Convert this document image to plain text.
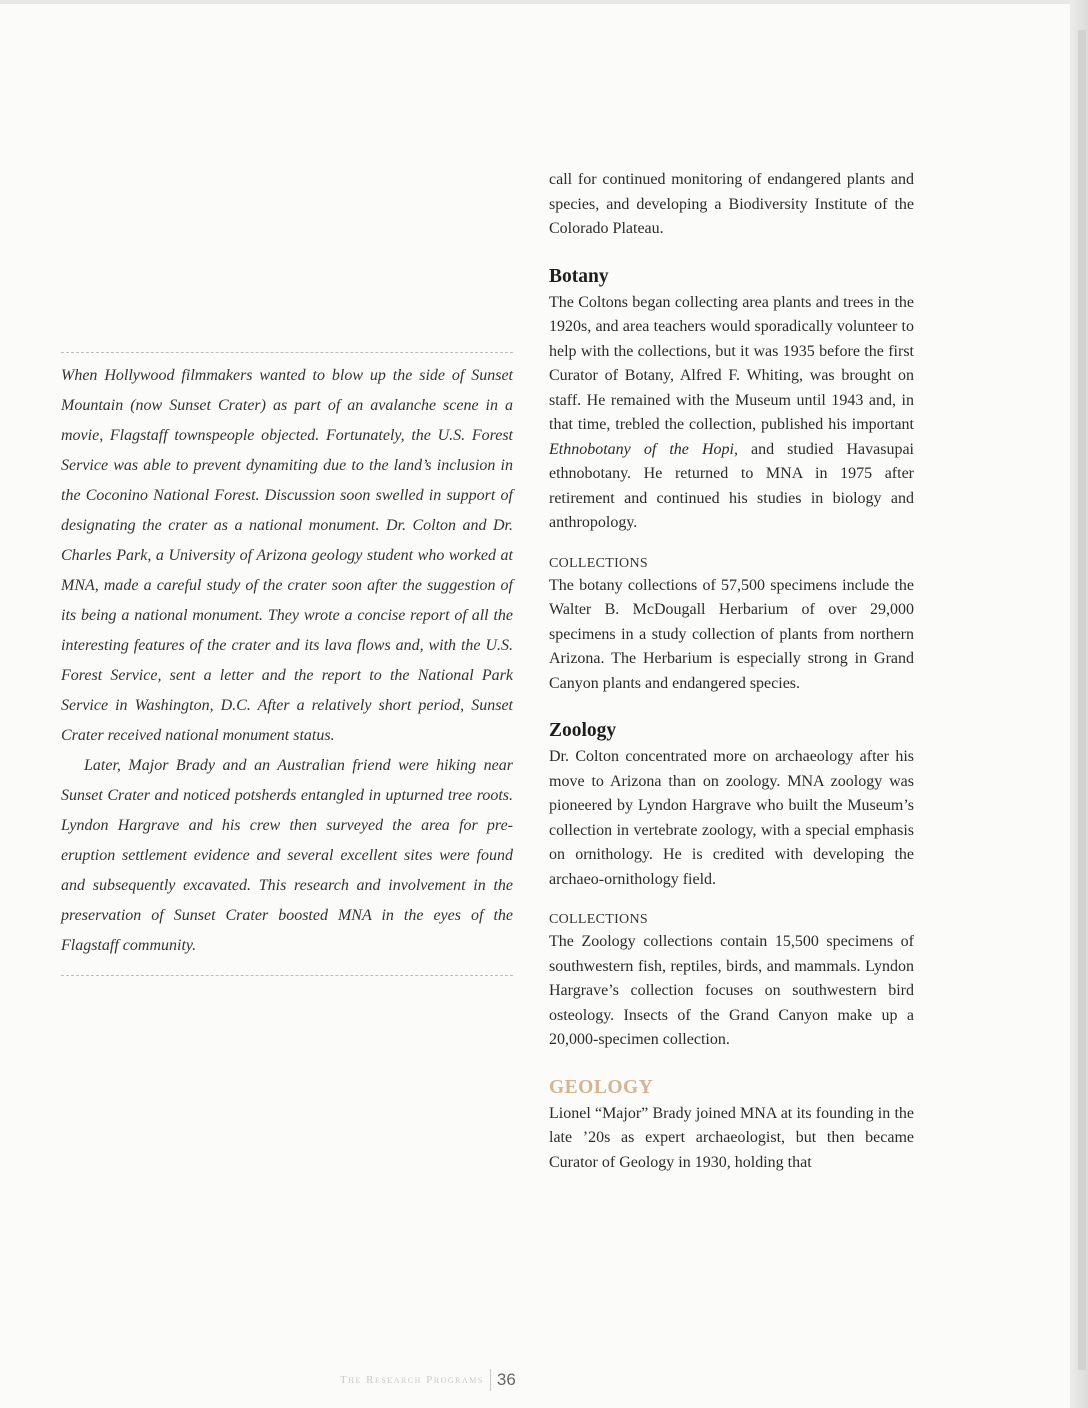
When Hollywood filmmakers wanted to blow up the side of Sunset Mountain (now Sunset Crater) as part of an avalanche scene in a movie, Flagstaff townspeople objected. Fortunately, the U.S. Forest Service was able to prevent dynamiting due to the land’s inclusion in the Coconino National Forest. Discussion soon swelled in support of designating the crater as a national monument. Dr. Colton and Dr. Charles Park, a University of Arizona geology student who worked at MNA, made a careful study of the crater soon after the suggestion of its being a national monument. They wrote a concise report of all the interesting features of the crater and its lava flows and, with the U.S. Forest Service, sent a letter and the report to the National Park Service in Washington, D.C. After a relatively short period, Sunset Crater received national monument status.

Later, Major Brady and an Australian friend were hiking near Sunset Crater and noticed potsherds entangled in upturned tree roots. Lyndon Hargrave and his crew then surveyed the area for pre-eruption settlement evidence and several excellent sites were found and subsequently excavated. This research and involvement in the preservation of Sunset Crater boosted MNA in the eyes of the Flagstaff community.

call for continued monitoring of endangered plants and species, and developing a Biodiversity Institute of the Colorado Plateau.

Botany

The Coltons began collecting area plants and trees in the 1920s, and area teachers would sporadically volunteer to help with the collections, but it was 1935 before the first Curator of Botany, Alfred F. Whiting, was brought on staff. He remained with the Museum until 1943 and, in that time, trebled the collection, published his important Ethnobotany of the Hopi, and studied Havasupai ethnobotany. He returned to MNA in 1975 after retirement and continued his studies in biology and anthropology.

COLLECTIONS

The botany collections of 57,500 specimens include the Walter B. McDougall Herbarium of over 29,000 specimens in a study collection of plants from northern Arizona. The Herbarium is especially strong in Grand Canyon plants and endangered species.

Zoology

Dr. Colton concentrated more on archaeology after his move to Arizona than on zoology. MNA zoology was pioneered by Lyndon Hargrave who built the Museum’s collection in vertebrate zoology, with a special emphasis on ornithology. He is credited with developing the archaeo-ornithology field.

COLLECTIONS

The Zoology collections contain 15,500 specimens of southwestern fish, reptiles, birds, and mammals. Lyndon Hargrave’s collection focuses on southwestern bird osteology. Insects of the Grand Canyon make up a 20,000-specimen collection.

GEOLOGY

Lionel “Major” Brady joined MNA at its founding in the late ’20s as expert archaeologist, but then became Curator of Geology in 1930, holding that

The Research Programs 36
